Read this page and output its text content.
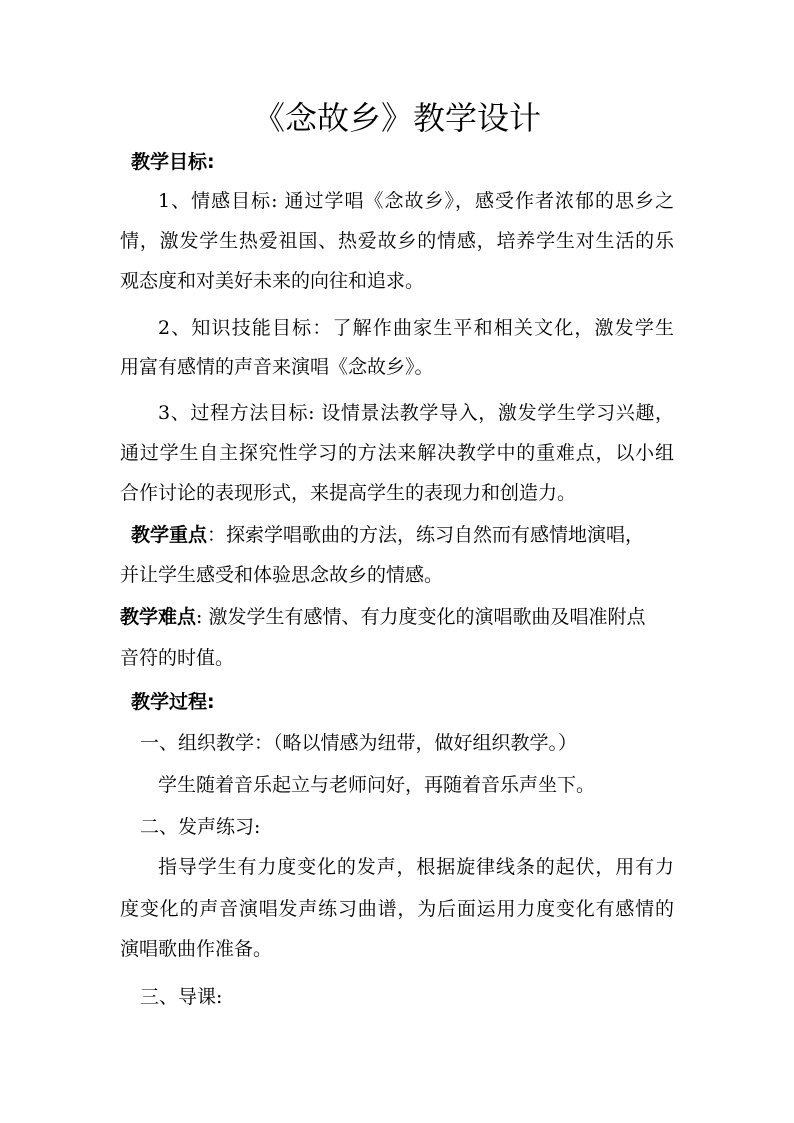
《念故乡》教学设计
教学目标:
1、情感目标: 通过学唱《念故乡》，感受作者浓郁的思乡之
情，激发学生热爱祖国、热爱故乡的情感，培养学生对生活的乐
观态度和对美好未来的向往和追求。
2、知识技能目标：了解作曲家生平和相关文化，激发学生
用富有感情的声音来演唱《念故乡》。
3、过程方法目标: 设情景法教学导入，激发学生学习兴趣，
通过学生自主探究性学习的方法来解决教学中的重难点，以小组
合作讨论的表现形式，来提高学生的表现力和创造力。
教学重点：探索学唱歌曲的方法，练习自然而有感情地演唱，
并让学生感受和体验思念故乡的情感。
教学难点: 激发学生有感情、有力度变化的演唱歌曲及唱准附点
音符的时值。
教学过程:
一、组织教学：（略以情感为纽带，做好组织教学。）
学生随着音乐起立与老师问好，再随着音乐声坐下。
二、发声练习:
指导学生有力度变化的发声，根据旋律线条的起伏，用有力
度变化的声音演唱发声练习曲谱，为后面运用力度变化有感情的
演唱歌曲作准备。
三、导课:
